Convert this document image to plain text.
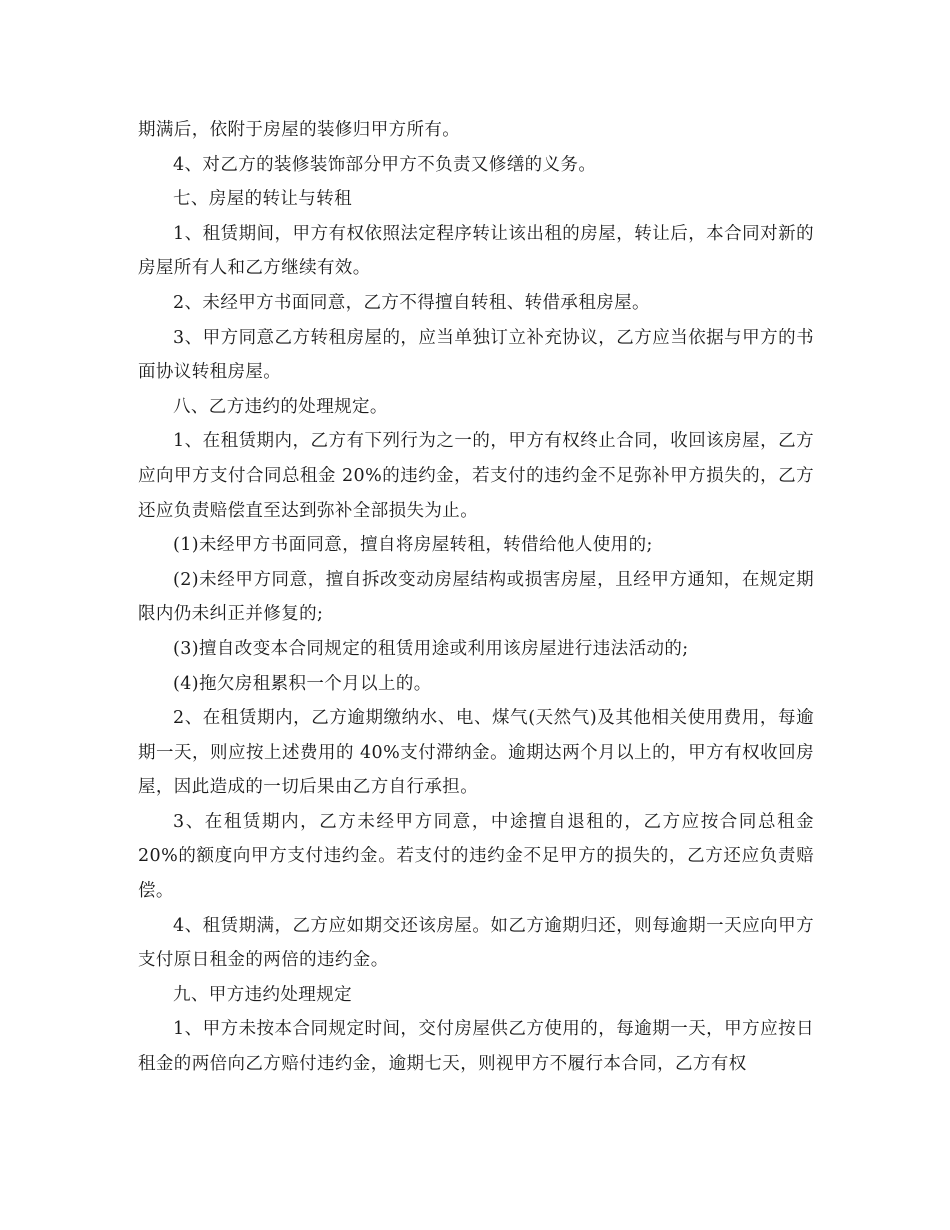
期满后，依附于房屋的装修归甲方所有。

4、对乙方的装修装饰部分甲方不负责又修缮的义务。

七、房屋的转让与转租

1、租赁期间，甲方有权依照法定程序转让该出租的房屋，转让后，本合同对新的房屋所有人和乙方继续有效。

2、未经甲方书面同意，乙方不得擅自转租、转借承租房屋。

3、甲方同意乙方转租房屋的，应当单独订立补充协议，乙方应当依据与甲方的书面协议转租房屋。

八、乙方违约的处理规定。

1、在租赁期内，乙方有下列行为之一的，甲方有权终止合同，收回该房屋，乙方应向甲方支付合同总租金 20%的违约金，若支付的违约金不足弥补甲方损失的，乙方还应负责赔偿直至达到弥补全部损失为止。

(1)未经甲方书面同意，擅自将房屋转租，转借给他人使用的;

(2)未经甲方同意，擅自拆改变动房屋结构或损害房屋，且经甲方通知，在规定期限内仍未纠正并修复的;

(3)擅自改变本合同规定的租赁用途或利用该房屋进行违法活动的;

(4)拖欠房租累积一个月以上的。

2、在租赁期内，乙方逾期缴纳水、电、煤气(天然气)及其他相关使用费用，每逾期一天，则应按上述费用的 40%支付滞纳金。逾期达两个月以上的，甲方有权收回房屋，因此造成的一切后果由乙方自行承担。

3、在租赁期内，乙方未经甲方同意，中途擅自退租的，乙方应按合同总租金 20%的额度向甲方支付违约金。若支付的违约金不足甲方的损失的，乙方还应负责赔偿。

4、租赁期满，乙方应如期交还该房屋。如乙方逾期归还，则每逾期一天应向甲方支付原日租金的两倍的违约金。

九、甲方违约处理规定

1、甲方未按本合同规定时间，交付房屋供乙方使用的，每逾期一天，甲方应按日租金的两倍向乙方赔付违约金，逾期七天，则视甲方不履行本合同，乙方有权
